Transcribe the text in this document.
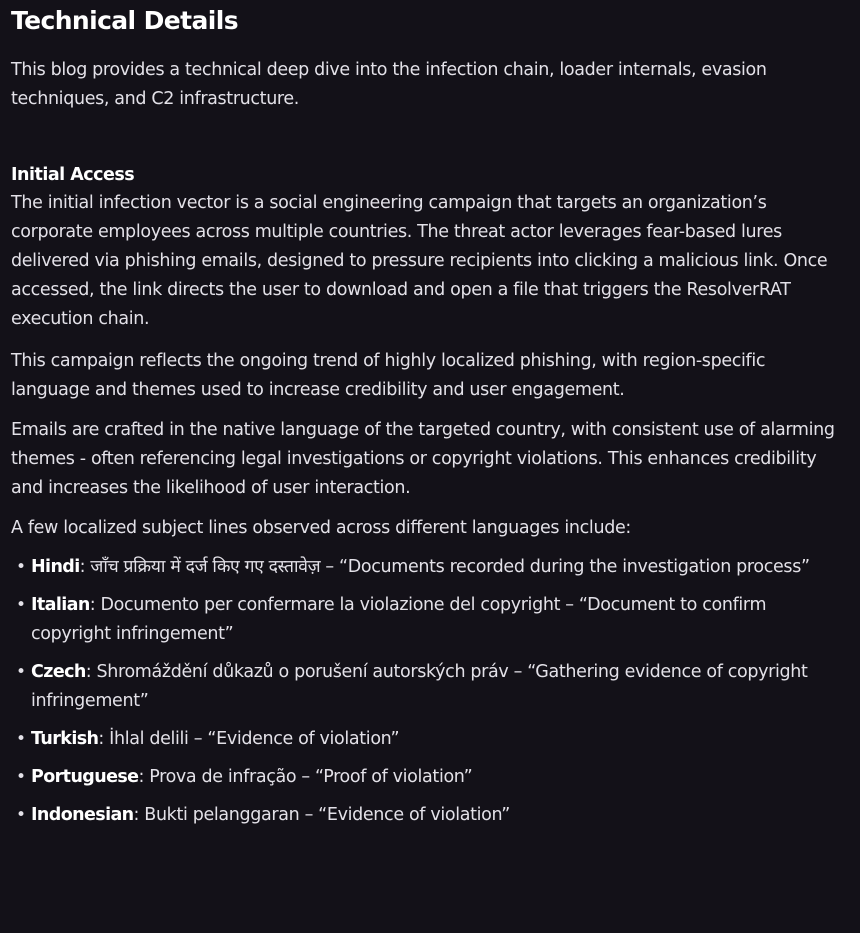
Technical Details

This blog provides a technical deep dive into the infection chain, loader internals, evasion techniques, and C2 infrastructure.

Initial Access

The initial infection vector is a social engineering campaign that targets an organization’s corporate employees across multiple countries. The threat actor leverages fear-based lures delivered via phishing emails, designed to pressure recipients into clicking a malicious link. Once accessed, the link directs the user to download and open a file that triggers the ResolverRAT execution chain.

This campaign reflects the ongoing trend of highly localized phishing, with region-specific language and themes used to increase credibility and user engagement.

Emails are crafted in the native language of the targeted country, with consistent use of alarming themes - often referencing legal investigations or copyright violations. This enhances credibility and increases the likelihood of user interaction.

A few localized subject lines observed across different languages include:

• Hindi: जाँच प्रक्रिया में दर्ज किए गए दस्तावेज़ – “Documents recorded during the investigation process”
• Italian: Documento per confermare la violazione del copyright – “Document to confirm copyright infringement”
• Czech: Shromáždění důkazů o porušení autorských práv – “Gathering evidence of copyright infringement”
• Turkish: İhlal delili – “Evidence of violation”
• Portuguese: Prova de infração – “Proof of violation”
• Indonesian: Bukti pelanggaran – “Evidence of violation”
